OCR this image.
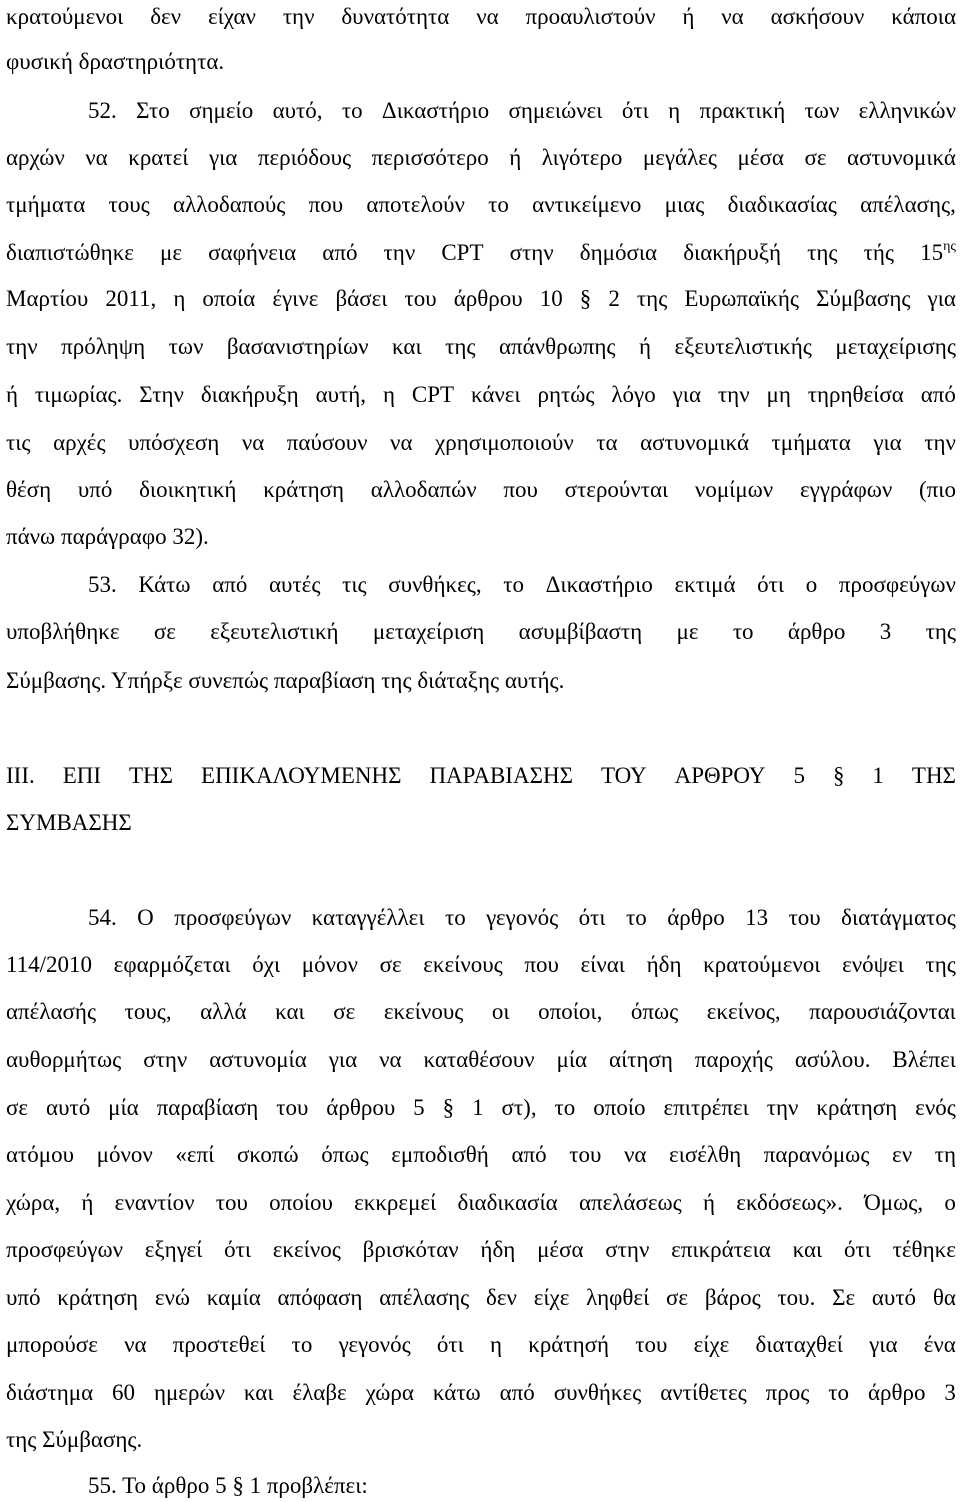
κρατούμενοι δεν είχαν την δυνατότητα να προαυλιστούν ή να ασκήσουν κάποια
φυσική δραστηριότητα.
52. Στο σημείο αυτό, το Δικαστήριο σημειώνει ότι η πρακτική των ελληνικών
αρχών να κρατεί για περιόδους περισσότερο ή λιγότερο μεγάλες μέσα σε αστυνομικά
τμήματα τους αλλοδαπούς που αποτελούν το αντικείμενο μιας διαδικασίας απέλασης,
διαπιστώθηκε με σαφήνεια από την CPT στην δημόσια διακήρυξή της τής $15^{\eta\varsigma}$
Μαρτίου 2011, η οποία έγινε βάσει του άρθρου 10 § 2 της Ευρωπαϊκής Σύμβασης για
την πρόληψη των βασανιστηρίων και της απάνθρωπης ή εξευτελιστικής μεταχείρισης
ή τιμωρίας. Στην διακήρυξη αυτή, η CPT κάνει ρητώς λόγο για την μη τηρηθείσα από
τις αρχές υπόσχεση να παύσουν να χρησιμοποιούν τα αστυνομικά τμήματα για την
θέση υπό διοικητική κράτηση αλλοδαπών που στερούνται νομίμων εγγράφων (πιο
πάνω παράγραφο 32).
53. Κάτω από αυτές τις συνθήκες, το Δικαστήριο εκτιμά ότι ο προσφεύγων
υποβλήθηκε σε εξευτελιστική μεταχείριση ασυμβίβαστη με το άρθρο 3 της
Σύμβασης. Υπήρξε συνεπώς παραβίαση της διάταξης αυτής.
III. ΕΠΙ ΤΗΣ ΕΠΙΚΑΛΟΥΜΕΝΗΣ ΠΑΡΑΒΙΑΣΗΣ ΤΟΥ ΑΡΘΡΟΥ 5 § 1 ΤΗΣ
ΣΥΜΒΑΣΗΣ
54. Ο προσφεύγων καταγγέλλει το γεγονός ότι το άρθρο 13 του διατάγματος
114/2010 εφαρμόζεται όχι μόνον σε εκείνους που είναι ήδη κρατούμενοι ενόψει της
απέλασής τους, αλλά και σε εκείνους οι οποίοι, όπως εκείνος, παρουσιάζονται
αυθορμήτως στην αστυνομία για να καταθέσουν μία αίτηση παροχής ασύλου. Βλέπει
σε αυτό μία παραβίαση του άρθρου 5 § 1 στ), το οποίο επιτρέπει την κράτηση ενός
ατόμου μόνον «επί σκοπώ όπως εμποδισθή από του να εισέλθη παρανόμως εν τη
χώρα, ή εναντίον του οποίου εκκρεμεί διαδικασία απελάσεως ή εκδόσεως». Όμως, ο
προσφεύγων εξηγεί ότι εκείνος βρισκόταν ήδη μέσα στην επικράτεια και ότι τέθηκε
υπό κράτηση ενώ καμία απόφαση απέλασης δεν είχε ληφθεί σε βάρος του. Σε αυτό θα
μπορούσε να προστεθεί το γεγονός ότι η κράτησή του είχε διαταχθεί για ένα
διάστημα 60 ημερών και έλαβε χώρα κάτω από συνθήκες αντίθετες προς το άρθρο 3
της Σύμβασης.
55. Το άρθρο 5 § 1 προβλέπει:
